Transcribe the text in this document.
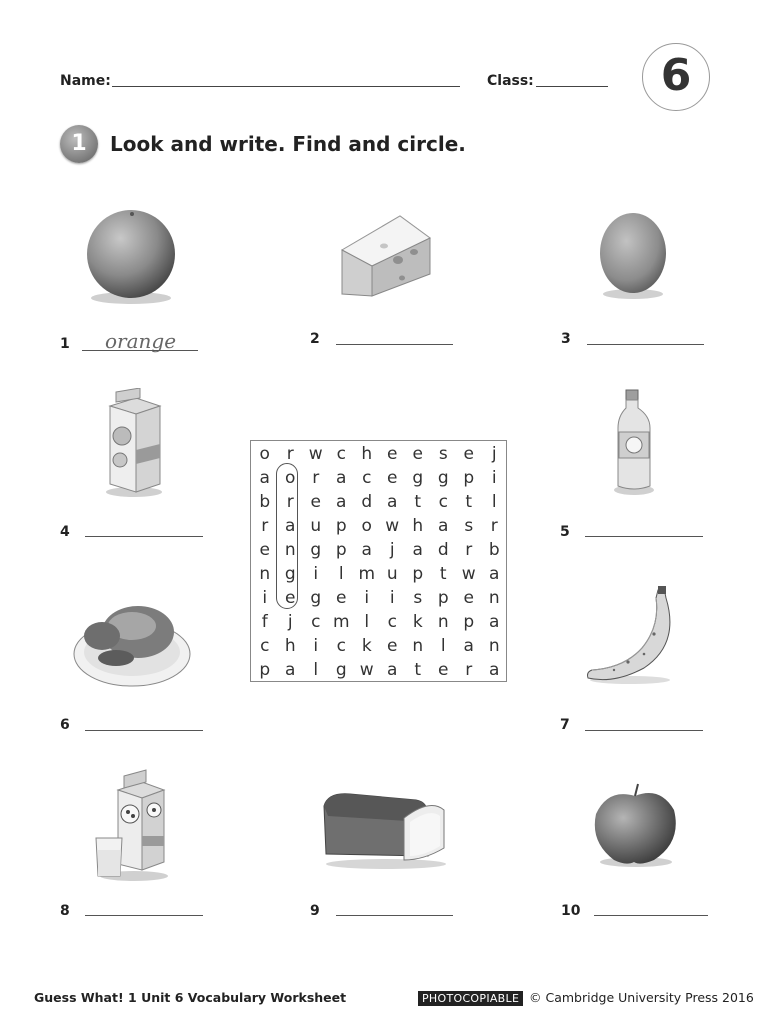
Name:	Class:	6
1	Look and write. Find and circle.
1 orange	2	3
4	5
o r w c h e e s e	j
a o r a c e g g p	i
b r e a d a t	c	t	l
r a u p o w h a s	r
e n g p a	j	a d r b
n g	i	l m u p t w a
i	e g e	i	i	s p e n
f	j	c m l	c k n p a
c h	i	c k e n	l	a n
p a	l	g w a t e r a
6	7
8	9	10
Guess What! 1 Unit 6 Vocabulary Worksheet	PHOTOCOPIABLE © Cambridge University Press 2016
